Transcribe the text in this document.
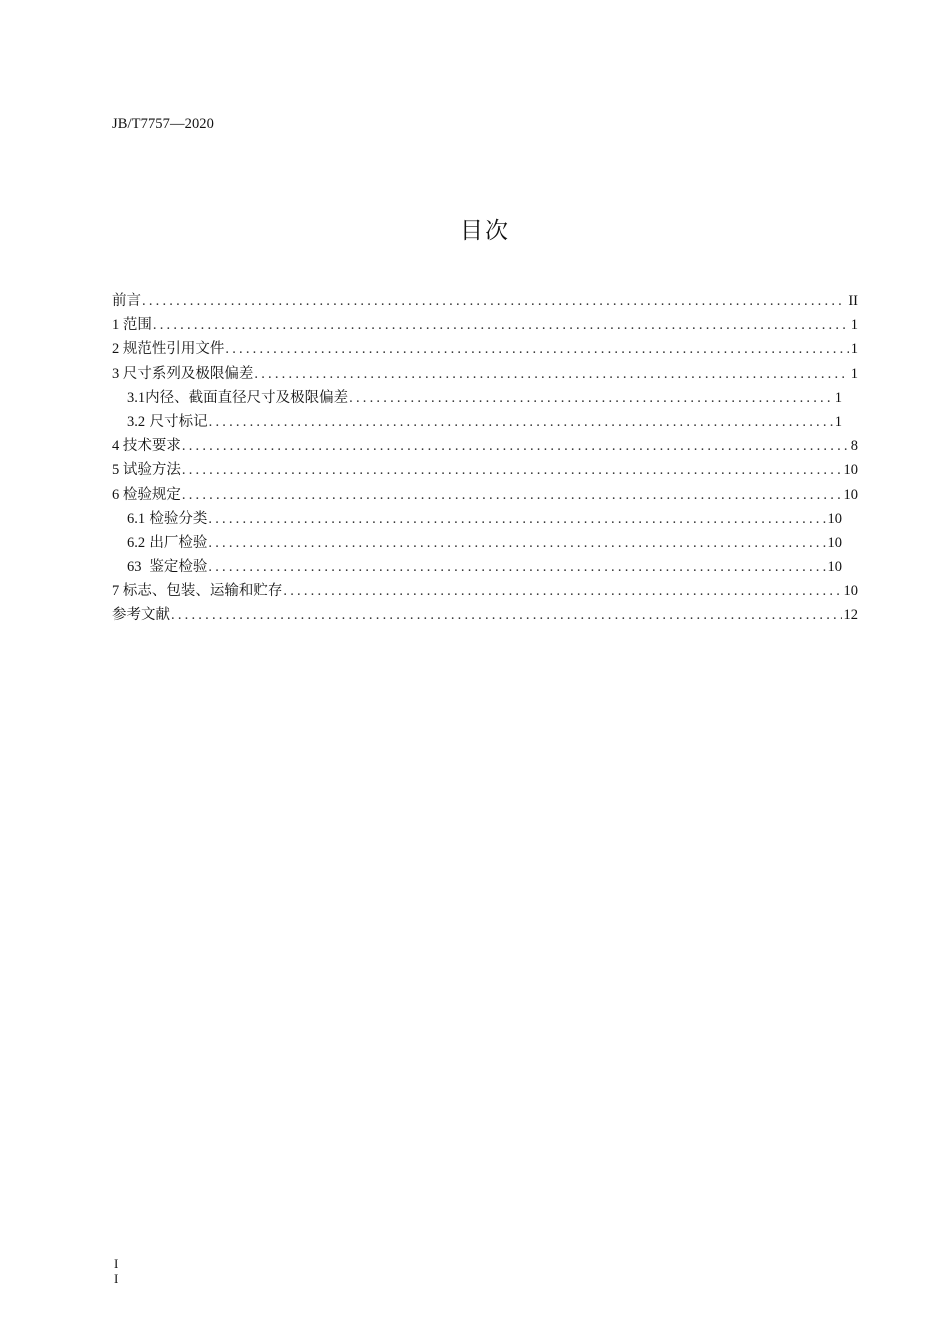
JB/T7757—2020
目次
前言 .....	II
1 范围 .....	1
2 规范性引用文件 .....	1
3 尺寸系列及极限偏差 .....	1
3.1 内径、截面直径尺寸及极限偏差 .....	1
3.2 尺寸标记 .....	1
4 技术要求 .....	8
5 试验方法 .....	10
6 检验规定 .....	10
6.1 检验分类 .....	10
6.2 出厂检验 .....	10
63 鉴定检验 .....	10
7 标志、包装、运输和贮存 .....	10
参考文献 .....	12
I
I
